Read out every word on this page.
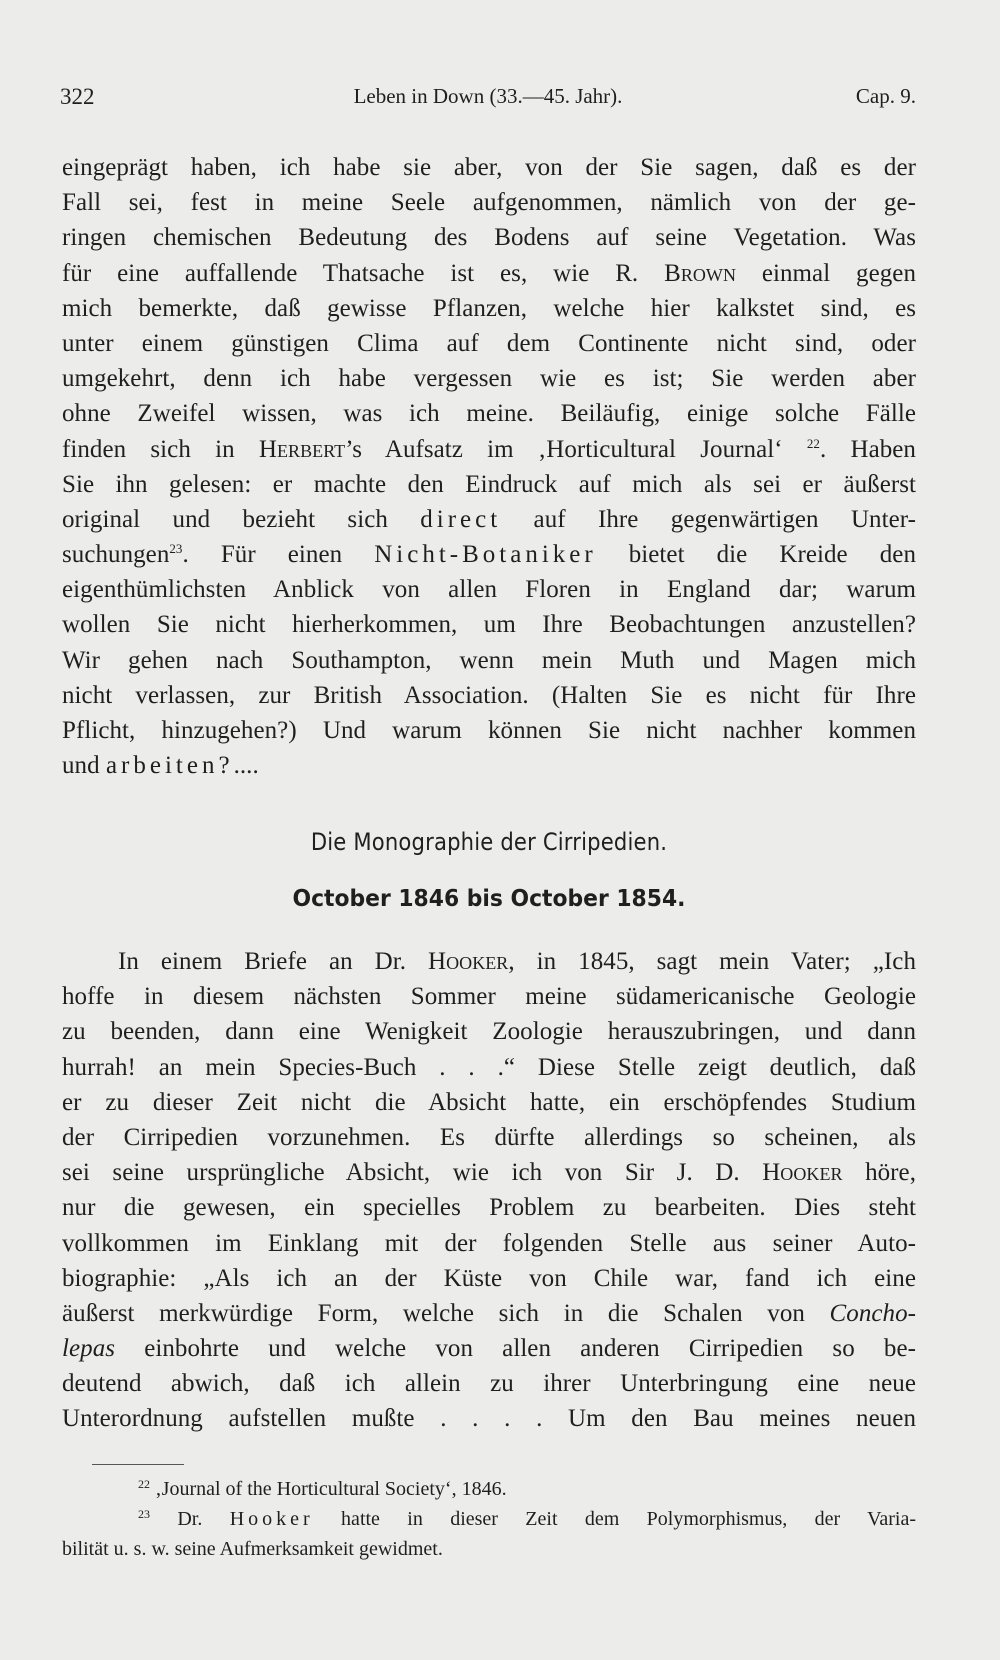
322	Leben in Down (33.—45. Jahr).	Cap. 9.
eingeprägt haben, ich habe sie aber, von der Sie sagen, daß es der
Fall sei, fest in meine Seele aufgenommen, nämlich von der ge-
ringen chemischen Bedeutung des Bodens auf seine Vegetation. Was
für eine auffallende Thatsache ist es, wie R. Brown einmal gegen
mich bemerkte, daß gewisse Pflanzen, welche hier kalkstet sind, es
unter einem günstigen Clima auf dem Continente nicht sind, oder
umgekehrt, denn ich habe vergessen wie es ist; Sie werden aber
ohne Zweifel wissen, was ich meine. Beiläufig, einige solche Fälle
finden sich in Herbert’s Aufsatz im ‚Horticultural Journal‘ $^{22}$. Haben
Sie ihn gelesen: er machte den Eindruck auf mich als sei er äußerst
original und bezieht sich direct auf Ihre gegenwärtigen Unter-
suchungen$^{23}$. Für einen Nicht-Botaniker bietet die Kreide den
eigenthümlichsten Anblick von allen Floren in England dar; warum
wollen Sie nicht hierherkommen, um Ihre Beobachtungen anzustellen?
Wir gehen nach Southampton, wenn mein Muth und Magen mich
nicht verlassen, zur British Association. (Halten Sie es nicht für Ihre
Pflicht, hinzugehen?) Und warum können Sie nicht nachher kommen
und arbeiten?....
Die Monographie der Cirripedien.
October 1846 bis October 1854.
In einem Briefe an Dr. Hooker, in 1845, sagt mein Vater; „Ich
hoffe in diesem nächsten Sommer meine südamericanische Geologie
zu beenden, dann eine Wenigkeit Zoologie herauszubringen, und dann
hurrah! an mein Species-Buch . . .“ Diese Stelle zeigt deutlich, daß
er zu dieser Zeit nicht die Absicht hatte, ein erschöpfendes Studium
der Cirripedien vorzunehmen. Es dürfte allerdings so scheinen, als
sei seine ursprüngliche Absicht, wie ich von Sir J. D. Hooker höre,
nur die gewesen, ein specielles Problem zu bearbeiten. Dies steht
vollkommen im Einklang mit der folgenden Stelle aus seiner Auto-
biographie: „Als ich an der Küste von Chile war, fand ich eine
äußerst merkwürdige Form, welche sich in die Schalen von Concho-
lepas einbohrte und welche von allen anderen Cirripedien so be-
deutend abwich, daß ich allein zu ihrer Unterbringung eine neue
Unterordnung aufstellen mußte . . . . Um den Bau meines neuen
$^{22}$ ‚Journal of the Horticultural Society‘, 1846.
$^{23}$ Dr. Hooker hatte in dieser Zeit dem Polymorphismus, der Varia-
bilität u. s. w. seine Aufmerksamkeit gewidmet.
